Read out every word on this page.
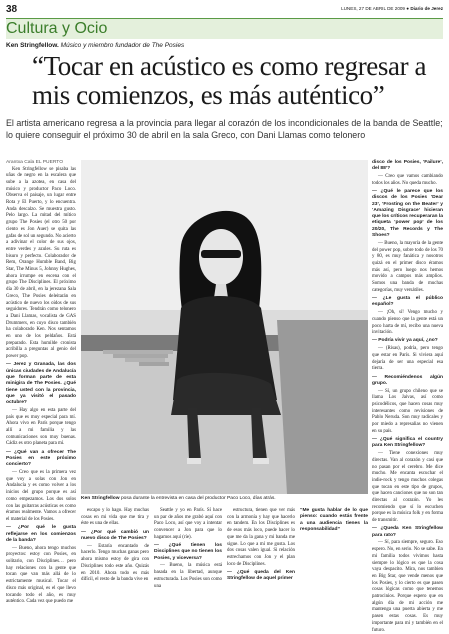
38	LUNES, 27 DE ABRIL DE 2009 ● Diario de Jerez
Cultura y Ocio
Ken Stringfellow. Músico y miembro fundador de The Posies
“Tocar en acústico es como regresar a mis comienzos, es más auténtico”
El artista americano regresa a la provincia para llegar al corazón de los incondicionales de la banda de Seattle; lo quiere conseguir el próximo 30 de abril en la sala Greco, con Dani Llamas como telonero

Arantxa Cala EL PUERTO

Ken Stringfellow se pisaba las uñas de negro en la escalera que sube a la azotea, en casa del músico y productor Paco Loco. Observa el paisaje, un lugar entre Rota y El Puerto, y lo encuentra. Anda descalzo. Se muestra gusto. Pelo largo. La mitad del mítico grupo The Posies (el otro 50 por ciento es Jon Auer) se quita las gafas de sol un segundo. No acierto a adivinar el color de sus ojos, entre verdes y azules. Su ruta es bisuro y perfecto. Colaborador de Rem, Orange Humble Band, Big Star, The Minus 5, Johnny Hughes, ahora irrumpe en escena con el grupo The Disciplines. El próximo día 30 de abril, en la jerezana Sala Greco, The Posies deleitarán en acústico de nuevo los oídos de sus seguidores. Tendrán como telonero a Dani Llamas, vocalista de GAS Drummers, en cuyo disco también ha colaborado Ken. Nos sentamos en uno de los peldaños. Está preparado. Esta humilde cronista acribilla a preguntas al genio del power pop.

— Jerez y Granada, las dos únicas ciudades de Andalucía que forman parte de esta minigira de The Posies. ¿Qué tiene usted con la provincia, que ya visitó el pasado octubre?

— Hay algo en esta parte del país que es muy especial para mí. Ahora vivo en París porque tengo allí a mi familia y las comunicaciones son muy buenas. Cádiz es otro planeta para mí.

— ¿Qué van a ofrecer The Posies en este próximo concierto?

— Creo que es la primera vez que voy a solas con Jon en Andalucía y es como volver a los inicios del grupo porque es así como empezamos. Los dos solos con las guitarras acústicas es como éramos realmente. Vamos a ofrecer el material de los Posies.

— ¿Por qué le gusta reflejarse en los comienzos de la banda?

— Bueno, ahora tengo muchos proyectos: estoy con Posies, en solitario, con Disciplines… pero hay relaciones con la gente que tocan que van más allá de lo estrictamente musical. Tocar el disco más original, es el que llevo tocando todo el año, es muy auténtico. Cada vez que puedo me

Ken Stringfellow posa durante la entrevista en casa del productor Paco Loco, días atrás.

escapo y lo hago. Hay muchas cosas en mi vida que me tira y éste es una de ellas.

— ¿Por qué cambió un nuevo disco de The Posies?

— Estaría encantado de hacerlo. Tengo muchas ganas pero ahora mismo estoy de gira con Disciplines todo este año. Quizás en 2010. Ahora todo es más difícil, el resto de la banda vive en

Seattle y yo en París. Sí hace un par de años me grabó aquí con Paco Loco, así que voy a intentar convencer a Jon para que lo hagamos aquí (ríe).

— ¿Qué tienen los Disciplines que no tienen los Posies, y viceversa?

— Bueno, la música está basada en la libertad, aunque estructurada. Los Posies son como una

estructura, tienen que ver más con la armonía y hay que hacerlo en tandem. En los Disciplines es de esos más loco, puede hacer lo que me da la gana y mi banda me sigue. Lo que a mí me gusta. Los dos cosas valen igual. Si relación estrechamos con Jon y el plan loco de Disciplines.

— ¿Qué queda del Ken Stringfellow de aquel primer

“Me gusta hablar de lo que pienso: cuando estás frente a una audiencia tienes la responsabilidad”

disco de los Posies, ‘Failure’, del 88’?

— Creo que vamos cambiando todos los años. No queda mucho.

— ¿Qué le parece que los discos de los Posies ‘Dear 23’, ‘Frosting on the Beater’ y ‘Amazing Disgrace’ hicieran que los críticos recuperaran la etiqueta ‘power pop’ de los 20/20, The Records y The Shoes?

— Bueno, la mayoría de la gente del power pop, sobre todo de los 70 y 80, es muy fanática y nosotros quizá en el primer disco éramos más así, pero luego nos hemos movido a campos más amplios. Somos una banda de muchas categorías, muy versátiles.

— ¿Le gusta el público español?

— ¡Oh, sí! Vengo mucho y cuando pienso que la gente está un poco harta de mí, recibo una nueva invitación.

— Podría vivir ya aquí, ¿no?

— (Risas), podría, pero tengo que estar en París. Si viviera aquí dejaría de ser una especial esa tierra.

— Recomiéndenos algún grupo.

— Sí, un grupo chileno que se llama Los Jaivas, así como psicodélicos, que hacen cosas muy interesantes como revisiones de Pablo Neruda. Son muy radicales y por miedo a represalias no vienen en su país.

— ¿Qué significa el country para Ken Stringfellow?

— Tiene conexiones muy directas. Van al corazón y casi que no pasan por el cerebro. Me dice mucho. Me encanta escuchar el indie-rock y tengo muchos colegas que tocan en este tipo de grupos, que hacen canciones que no son tan directas al corazón. Yo les recomiendo que sí lo escuchen porque es la música folk y en forma de transmitir.

— ¿Queda Ken Stringfellow para rato?

— Sí, para siempre, seguro. Eso espero. No, en serio. No se sabe. En mi familia todos vivimos hasta siempre lo lógico es que la cosa vaya despacito. Mira, nos tambien en Big Star, que vende menos que los Posies, y lo cierto es que pasen cosas lógicas como que tenemos patrocinios. Porque espero que en algún día de mi acción me mantenga una puerta abierta y me pasen estas cosas. Es muy importante para mí y también en el futuro.
